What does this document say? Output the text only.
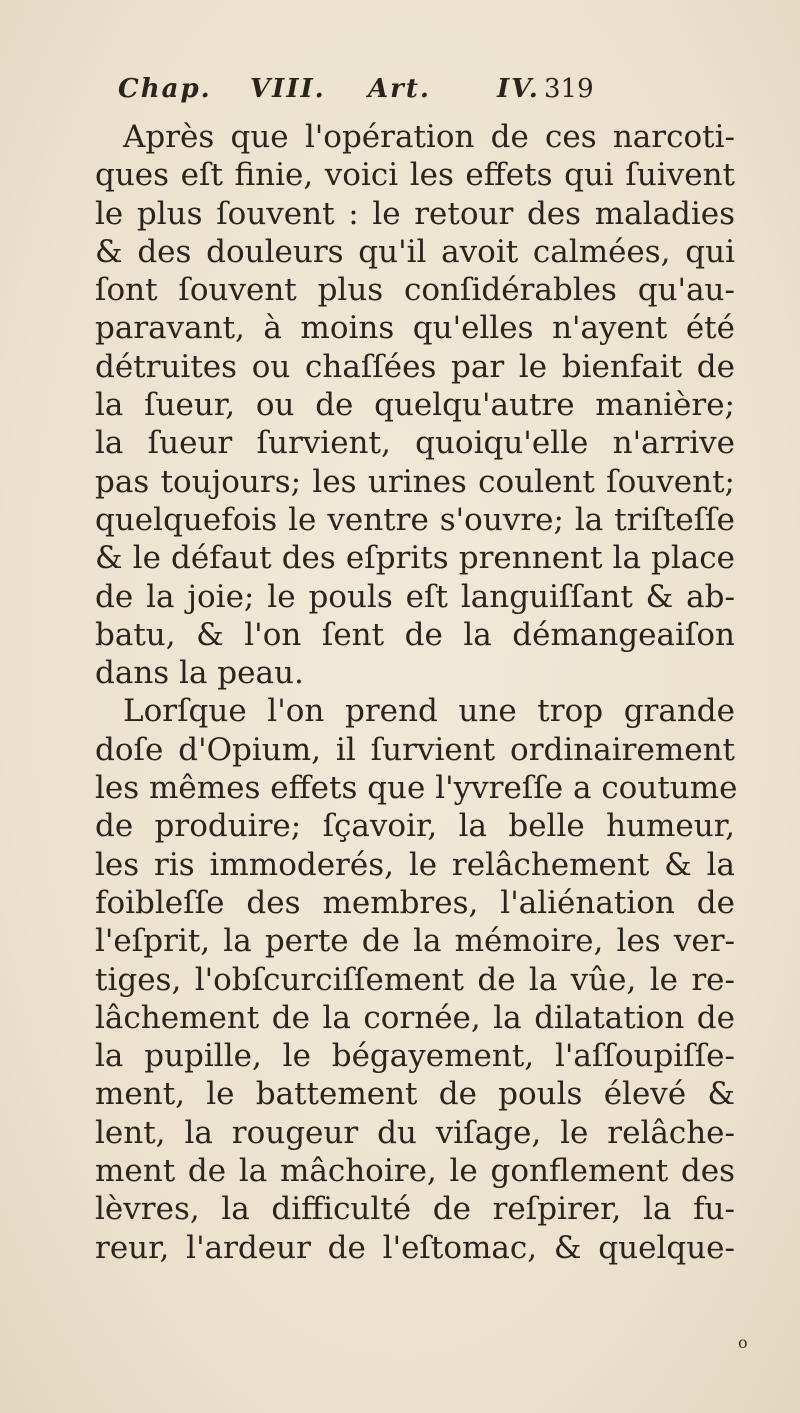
Chap. VIII. Art.	IV. 319
Après que l'opération de ces narcoti-
ques eſt finie, voici les effets qui ſuivent
le plus ſouvent : le retour des maladies
& des douleurs qu'il avoit calmées, qui
ſont ſouvent plus conſidérables qu'au-
paravant, à moins qu'elles n'ayent été
détruites ou chaſſées par le bienfait de
la ſueur, ou de quelqu'autre manière;
la ſueur ſurvient, quoiqu'elle n'arrive
pas toujours; les urines coulent ſouvent;
quelquefois le ventre s'ouvre; la triſteſſe
& le défaut des eſprits prennent la place
de la joie; le pouls eſt languiſſant & ab-
batu, & l'on ſent de la démangeaiſon
dans la peau.
Lorſque l'on prend une trop grande
doſe d'Opium, il ſurvient ordinairement
les mêmes effets que l'yvreſſe a coutume
de produire; ſçavoir, la belle humeur,
les ris immoderés, le relâchement & la
foibleſſe des membres, l'aliénation de
l'eſprit, la perte de la mémoire, les ver-
tiges, l'obſcurciſſement de la vûe, le re-
lâchement de la cornée, la dilatation de
la pupille, le bégayement, l'aſſoupiſſe-
ment, le battement de pouls élevé &
lent, la rougeur du viſage, le relâche-
ment de la mâchoire, le gonflement des
lèvres, la difficulté de reſpirer, la fu-
reur, l'ardeur de l'eſtomac, & quelque-
o
